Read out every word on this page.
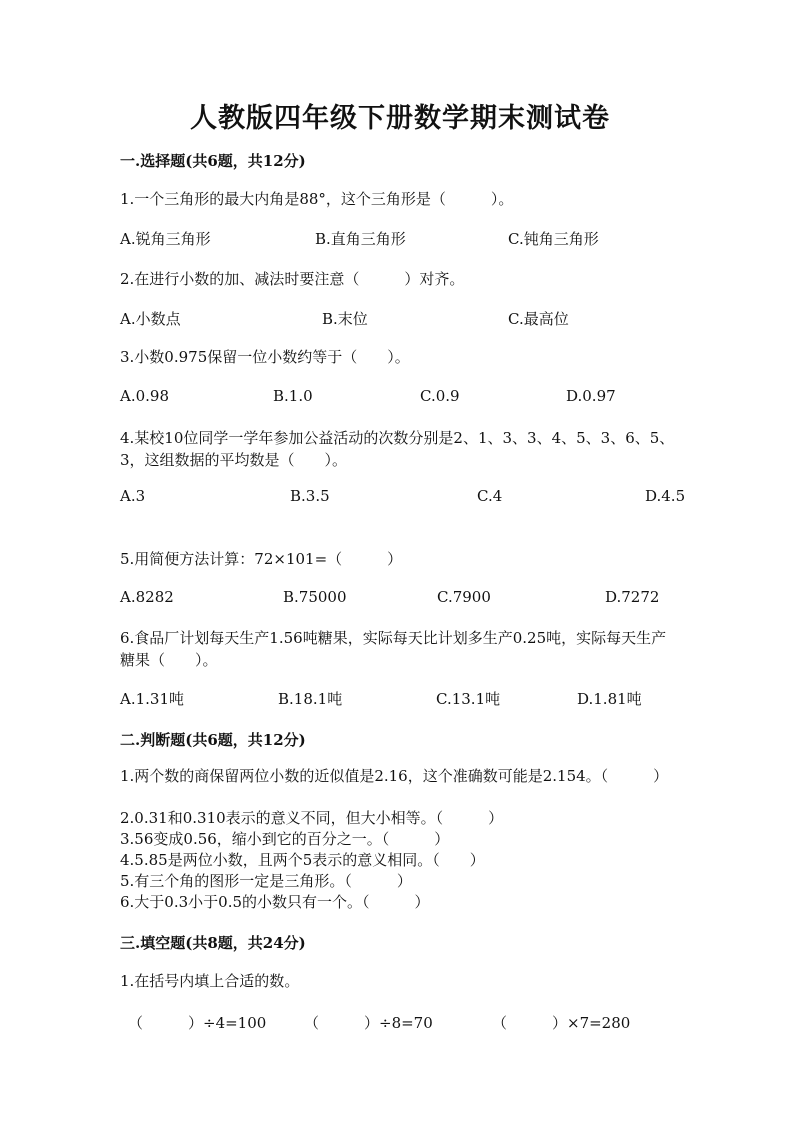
人教版四年级下册数学期末测试卷
一.选择题(共6题，共12分)
1.一个三角形的最大内角是88°，这个三角形是（　　　）。
A.锐角三角形	B.直角三角形	C.钝角三角形
2.在进行小数的加、减法时要注意（　　　）对齐。
A.小数点	B.末位	C.最高位
3.小数0.975保留一位小数约等于（　　）。
A.0.98	B.1.0	C.0.9	D.0.97
4.某校10位同学一学年参加公益活动的次数分别是2、1、3、3、4、5、3、6、5、3，这组数据的平均数是（　　）。
A.3	B.3.5	C.4	D.4.5
5.用简便方法计算：72×101=（　　　）
A.8282	B.75000	C.7900	D.7272
6.食品厂计划每天生产1.56吨糖果，实际每天比计划多生产0.25吨，实际每天生产糖果（　　）。
A.1.31吨	B.18.1吨	C.13.1吨	D.1.81吨
二.判断题(共6题，共12分)
1.两个数的商保留两位小数的近似值是2.16，这个准确数可能是2.154。（　　　）
2.0.31和0.310表示的意义不同，但大小相等。（　　　）
3.56变成0.56，缩小到它的百分之一。（　　　）
4.5.85是两位小数，且两个5表示的意义相同。（　　）
5.有三个角的图形一定是三角形。（　　　）
6.大于0.3小于0.5的小数只有一个。（　　　）
三.填空题(共8题，共24分)
1.在括号内填上合适的数。
（　　　）÷4=100	（　　　）÷8=70	（　　　）×7=280
